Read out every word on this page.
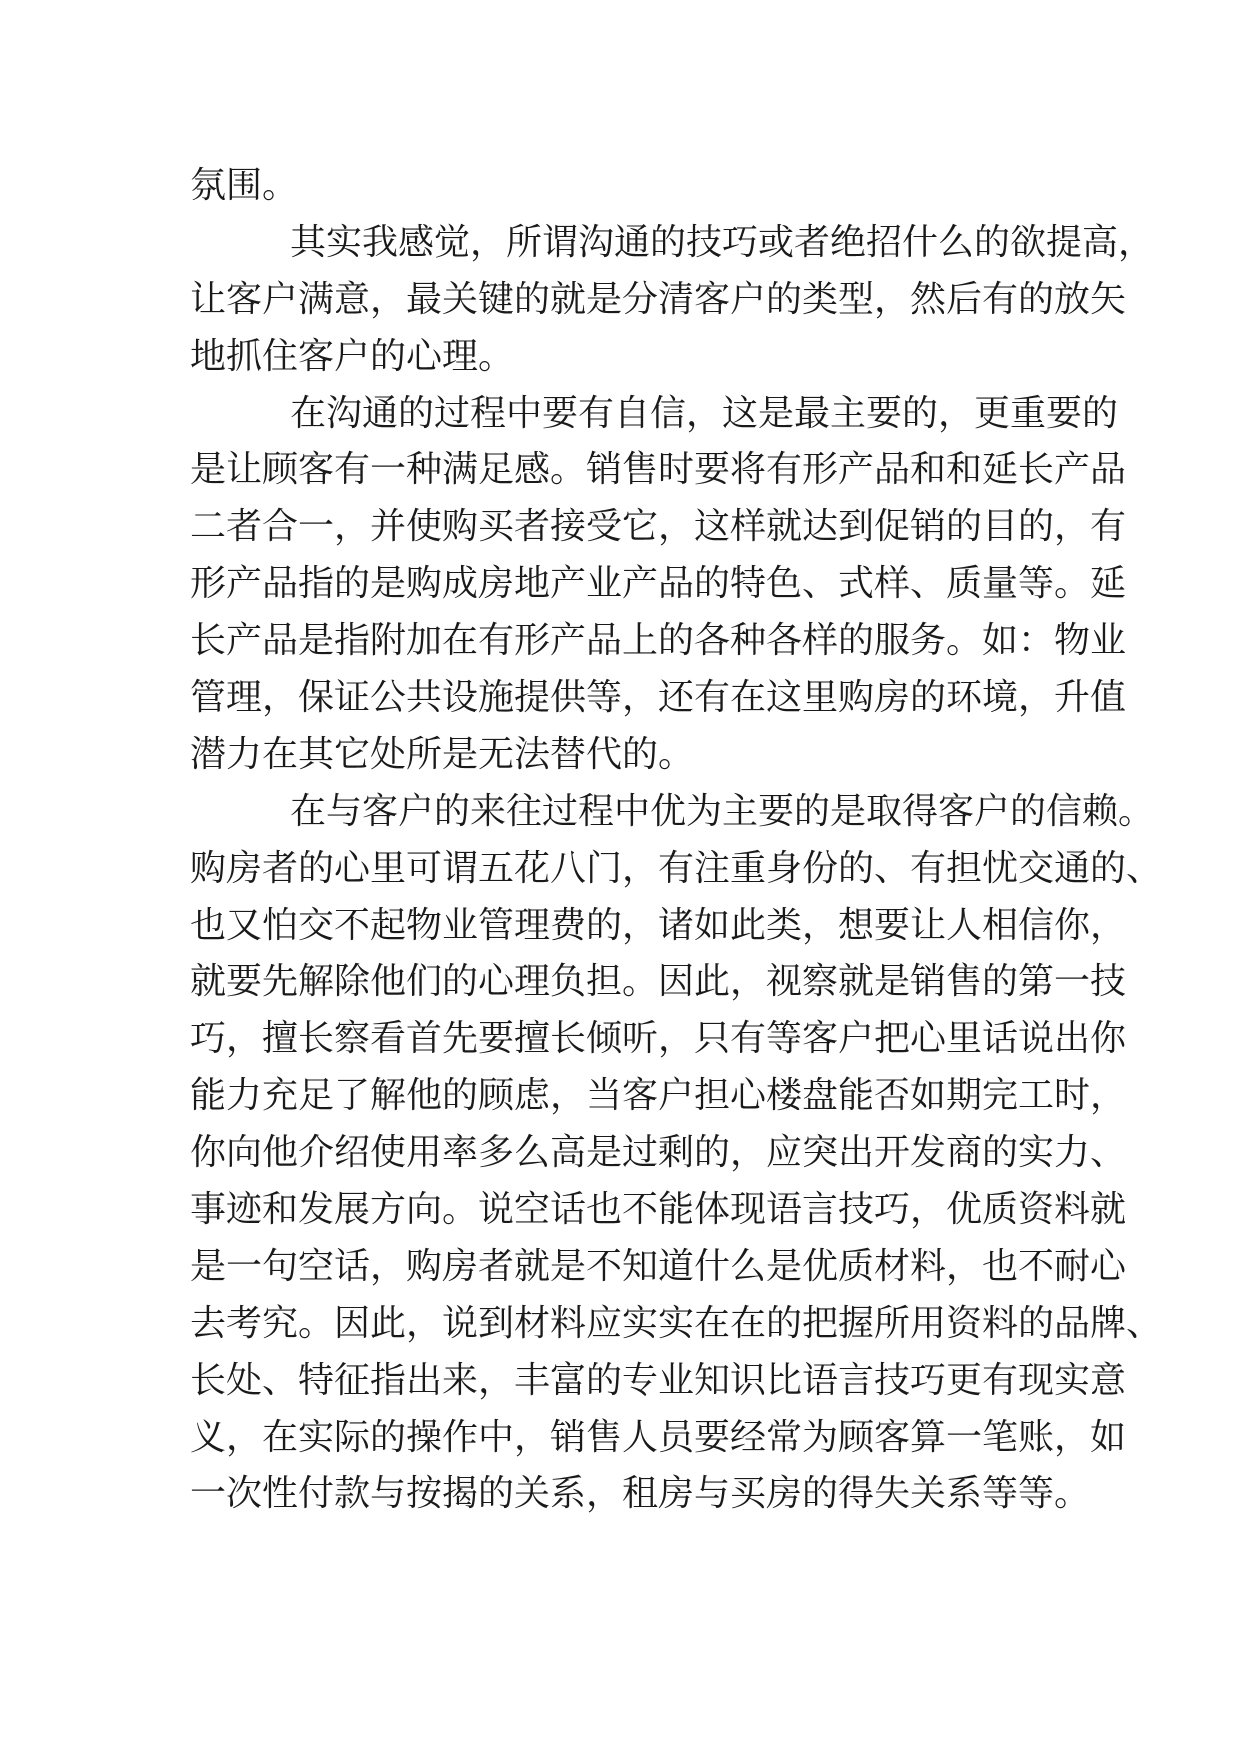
氛围。
其实我感觉，所谓沟通的技巧或者绝招什么的欲提高，
让客户满意，最关键的就是分清客户的类型，然后有的放矢
地抓住客户的心理。
在沟通的过程中要有自信，这是最主要的，更重要的
是让顾客有一种满足感。销售时要将有形产品和和延长产品
二者合一，并使购买者接受它，这样就达到促销的目的，有
形产品指的是购成房地产业产品的特色、式样、质量等。延
长产品是指附加在有形产品上的各种各样的服务。如：物业
管理，保证公共设施提供等，还有在这里购房的环境，升值
潜力在其它处所是无法替代的。
在与客户的来往过程中优为主要的是取得客户的信赖。
购房者的心里可谓五花八门，有注重身份的、有担忧交通的、
也又怕交不起物业管理费的，诸如此类，想要让人相信你，
就要先解除他们的心理负担。因此，视察就是销售的第一技
巧，擅长察看首先要擅长倾听，只有等客户把心里话说出你
能力充足了解他的顾虑，当客户担心楼盘能否如期完工时，
你向他介绍使用率多么高是过剩的，应突出开发商的实力、
事迹和发展方向。说空话也不能体现语言技巧，优质资料就
是一句空话，购房者就是不知道什么是优质材料，也不耐心
去考究。因此，说到材料应实实在在的把握所用资料的品牌、
长处、特征指出来，丰富的专业知识比语言技巧更有现实意
义，在实际的操作中，销售人员要经常为顾客算一笔账，如
一次性付款与按揭的关系，租房与买房的得失关系等等。
